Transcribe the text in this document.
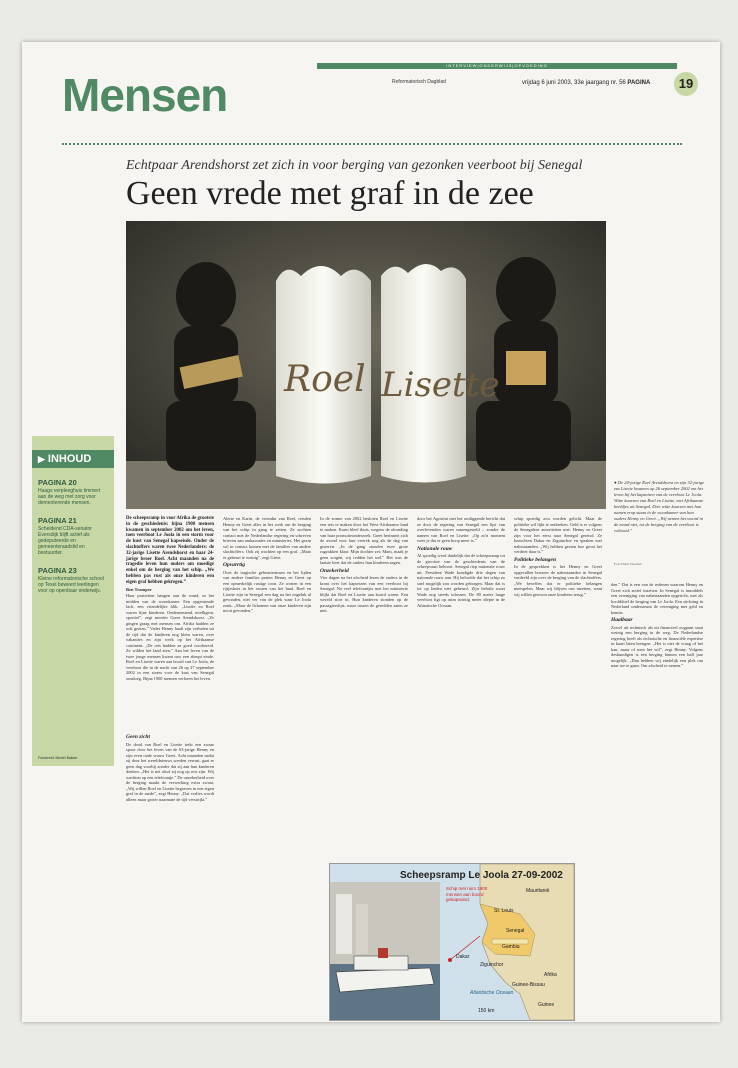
INTERVIEW|ONDERWIJS|OPVOEDING
Mensen	Reformatorisch Dagblad	vrijdag 6 juni 2003, 33e jaargang nr. 56 PAGINA	19
Echtpaar Arendshorst zet zich in voor berging van gezonken veerboot bij Senegal
Geen vrede met graf in de zee
Roel Lisette
● De 24-jarige Roel Arendshorst en zijn 32-jarige zus Lisette kwamen op 26 september 2002 om het leven bij het kapseizen van de veerboot Le Joola. Witte kaarsen van Roel en Lisette, met Afrikaanse beeldjes uit Senegal. Drie witte kaarsen met hun namen erop staan in de woonkamer van hun ouders Henny en Greet. „Wij nemen het woord in de mond niet, tot de berging van de veerboot is voltooid.”
Foto Henk Visscher

De scheepsramp in voor Afrika de grootste in de geschiedenis: bijna 1900 mensen kwamen in september 2002 om het leven, toen veerboot Le Joola in een storm voor de kust van Senegal kapseisde. Onder de slachtoffers waren twee Nederlanders: de 32-jarige Lisette Arendshorst en haar 24-jarige broer Roel. Acht maanden na de tragedie leven hun ouders om moedige enkel om de berging van het schip. „We hebben pas rust als onze kinderen een eigen graf hebben gekregen.”

Ben Tramper

Haar portretten hangen aan de wand, in het midden van de woonkamer. Een opgeruimde lach, een vriendelijke blik. „Lisette en Roel waren fijne kinderen. Ondernemend, intelligent, sportief”, zegt moeder Greet Arendshorst. „Ze gingen graag met mensen om. Afrika hadden ze ook gezien.” Vader Henny haalt zijn verhalen uit de tijd dat de kinderen nog klein waren, over vakanties en zijn werk op het Afrikaanse continent. „De reis hadden ze goed voorbereid. Ze wilden het land zien.” Aan het leven van de twee jonge mensen kwam ruw een abrupt einde. Roel en Lisette waren aan boord van Le Joola, de veerboot die in de nacht van 26 op 27 september 2002 in een storm voor de kust van Senegal omsloeg. Bijna 1900 mensen verloren het leven.

Geen zicht

De dood van Roel en Lisette trekt een zwaar spoor door het leven van de 63-jarige Henny en zijn even oude vrouw Greet. Acht maanden nadat zij door het wereldnieuws werden verrast, gaat er geen dag voorbij zonder dat zij aan hun kinderen denken. „Het is net alsof zij nog op reis zijn. Wij wachten op een telefoontje.” De onzekerheid over de berging maakt de verwerking extra zwaar. „Wij willen Roel en Lisette begraven in een eigen graf in de aarde”, zegt Henny. „Dat verlies wordt alleen maar groter naarmate de tijd verstrijkt.”

Alerte en Karin, de vriendin van Roel, reisden Henny en Greet alles in het werk om de berging van het schip in gang te zetten. Ze zochten contact met de Nederlandse regering en schreven brieven aan ambassades en ministeries. Het gezin wil in contact komen met de families van andere slachtoffers. Ook zij wachten op een graf. „Maar er gebeurt te weinig”, zegt Greet.

Opvarrtig

Over de tragische gebeurtenissen en het lijden van andere families praten Henny en Greet op een opmerkelijk rustige toon. Ze wonen in een rijtjeshuis in het oosten van het land. Roel en Lisette zijn in Senegal een dag na het ongeluk al gevonden, niet ver van de plek waar Le Joola zonk. „Maar de lichamen van onze kinderen zijn nooit gevonden.”

In de zomer van 2002 besloten Roel en Lisette een reis te maken door het West-Afrikaanse land te maken. Karin bleef thuis, wegens de afronding van haar promotieonderzoek. Greet herinnert zich de avond voor hun vertrek nog als de dag van gisteren. „In de gang stonden twee grote rugzakken klaar. Mijn dochter zei: Mam, maak je geen zorgen, wij redden het wel.” Het was de laatste keer dat de ouders hun kinderen zagen.

Onzekerheid

Vier dagen na het afscheid lezen de ouders in de krant over het kapseizen van een veerboot bij Senegal. Na veel telefoontjes met het ministerie blijkt dat Roel en Lisette aan boord waren. Een wereld stort in. Hun kinderen stonden op de passagierslijst, maar tussen de geredden zaten ze niet.

door het Agostini met het omliggende bericht dat ze door de regering van Senegal een lijst van overlevenden waren samengesteld – zonder de namen van Roel en Lisette. „Op zo'n moment weet je dat er geen hoop meer is.”

Nationale rouw

Al spoedig werd duidelijk dat de scheepsramp tot de grootste van de geschiedenis van de scheepvaart behoort. Senegal riep nationale rouw uit. President Wade kondigde drie dagen van nationale rouw aan. Hij beloofde dat het schip zo snel mogelijk zou worden geborgen. Maar dat is tot op heden niet gebeurd. Zijn belofte moet Wade nog steeds inlossen. De 80 meter lange veerboot ligt op ruim twintig meter diepte in de Atlantische Oceaan.

schip spoedig zou worden gelicht. Maar de politieke wil lijkt te ontbreken. Geld is er volgens de Senegalese autoriteiten niet. Henny en Greet zijn voor het eerst naar Senegal gereisd. Ze bezochten Dakar en Ziguinchor en spraken met nabestaanden. „Wij hebben gezien hoe groot het verdriet daar is.”

Politieke belangen

In de gesprekken is het Henny en Greet opgevallen hoezeer de nabestaanden in Senegal verdeeld zijn over de berging van de slachtoffers. „We beseffen dat er politieke belangen meespelen. Maar wij blijven ons inzetten, want wij willen gewoon onze kinderen terug.”

den.” Dat is een van de redenen waarom Henny en Greet zich actief inzetten. In Senegal is inmiddels een vereniging van nabestaanden opgericht, met als hoofddoel de berging van Le Joola. Een stichting in Nederland ondersteunt de vereniging met geld en kennis.

Haalbaar

Zowel uit technisch als uit financieel oogpunt staat weinig een berging in de weg. De Nederlandse regering heeft als technische en financiële expertise in kaart laten brengen. „Het is niet de vraag of het kan, maar of men het wil”, zegt Henny. Volgens deskundigen is een berging binnen een half jaar mogelijk. „Dan hebben wij eindelijk een plek om naar toe te gaan. Om afscheid te nemen.”

▶ INHOUD
PAGINA 20

Haags verpleeghuis timmert aan de weg met zorg voor dementerende mensen.

PAGINA 21

Scheidend CDA-senator Eversdijk blijft actief als gedeputeerde en gemeenteraadslid en bestuurder.

PAGINA 23

Kleine reformatorische school op Texel beweert leerlingen voor op openbaar onderwijs.

Fotobeeld: Michel Bakker
Scheepsramp Le Joola 27-09-2002
Schip met ruim 1900 mensen aan boord gekapseisd.
Mauritanië
St. Louis
Senegal
Dakar
Gambia
Ziguinchor
Guinee-Bissau
Afrika
Atlantische Oceaan
Guinee
150 km
